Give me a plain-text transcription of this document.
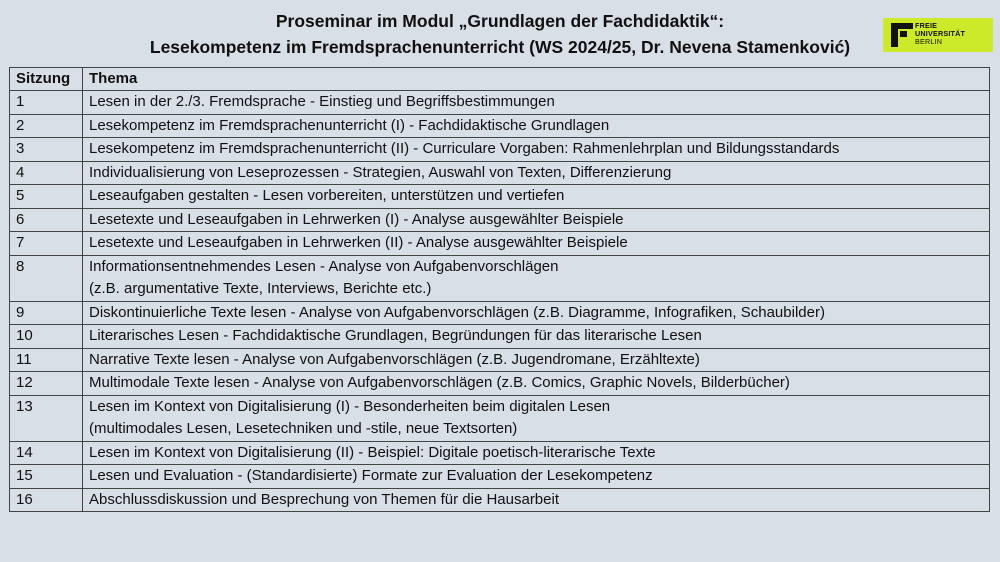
Proseminar im Modul „Grundlagen der Fachdidaktik“:
Lesekompetenz im Fremdsprachenunterricht (WS 2024/25, Dr. Nevena Stamenković)
FREIE
UNIVERSITÄT
BERLIN
Sitzung	Thema
1	Lesen in der 2./3. Fremdsprache - Einstieg und Begriffsbestimmungen

2	Lesekompetenz im Fremdsprachenunterricht (I) - Fachdidaktische Grundlagen

3	Lesekompetenz im Fremdsprachenunterricht (II) - Curriculare Vorgaben: Rahmenlehrplan und Bildungsstandards

4	Individualisierung von Leseprozessen - Strategien, Auswahl von Texten, Differenzierung

5	Leseaufgaben gestalten - Lesen vorbereiten, unterstützen und vertiefen

6	Lesetexte und Leseaufgaben in Lehrwerken (I) - Analyse ausgewählter Beispiele

7	Lesetexte und Leseaufgaben in Lehrwerken (II) - Analyse ausgewählter Beispiele

8	Informationsentnehmendes Lesen - Analyse von Aufgabenvorschlägen
(z.B. argumentative Texte, Interviews, Berichte etc.)

9	Diskontinuierliche Texte lesen - Analyse von Aufgabenvorschlägen (z.B. Diagramme, Infografiken, Schaubilder)

10	Literarisches Lesen - Fachdidaktische Grundlagen, Begründungen für das literarische Lesen

11	Narrative Texte lesen - Analyse von Aufgabenvorschlägen (z.B. Jugendromane, Erzähltexte)

12	Multimodale Texte lesen - Analyse von Aufgabenvorschlägen (z.B. Comics, Graphic Novels, Bilderbücher)

13	Lesen im Kontext von Digitalisierung (I) - Besonderheiten beim digitalen Lesen
(multimodales Lesen, Lesetechniken und -stile, neue Textsorten)

14	Lesen im Kontext von Digitalisierung (II) - Beispiel: Digitale poetisch-literarische Texte

15	Lesen und Evaluation - (Standardisierte) Formate zur Evaluation der Lesekompetenz

16	Abschlussdiskussion und Besprechung von Themen für die Hausarbeit
